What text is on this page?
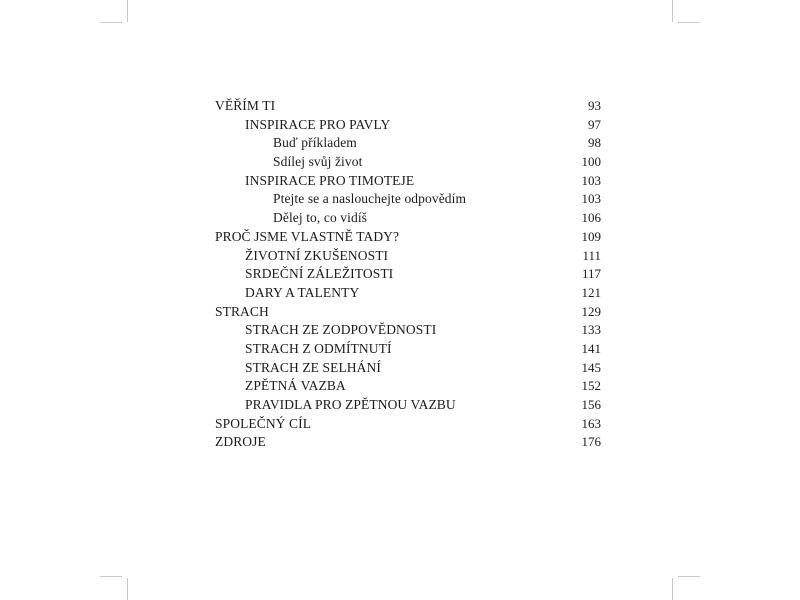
VĚŘÍM TI	93
INSPIRACE PRO PAVLY	97
Buď příkladem	98
Sdílej svůj život	100
INSPIRACE PRO TIMOTEJE	103
Ptejte se a naslouchejte odpovědím	103
Dělej to, co vidíš	106
PROČ JSME VLASTNĚ TADY?	109
ŽIVOTNÍ ZKUŠENOSTI	111
SRDEČNÍ ZÁLEŽITOSTI	117
DARY A TALENTY	121
STRACH	129
STRACH ZE ZODPOVĚDNOSTI	133
STRACH Z ODMÍTNUTÍ	141
STRACH ZE SELHÁNÍ	145
ZPĚTNÁ VAZBA	152
PRAVIDLA PRO ZPĚTNOU VAZBU	156
SPOLEČNÝ CÍL	163
ZDROJE	176
